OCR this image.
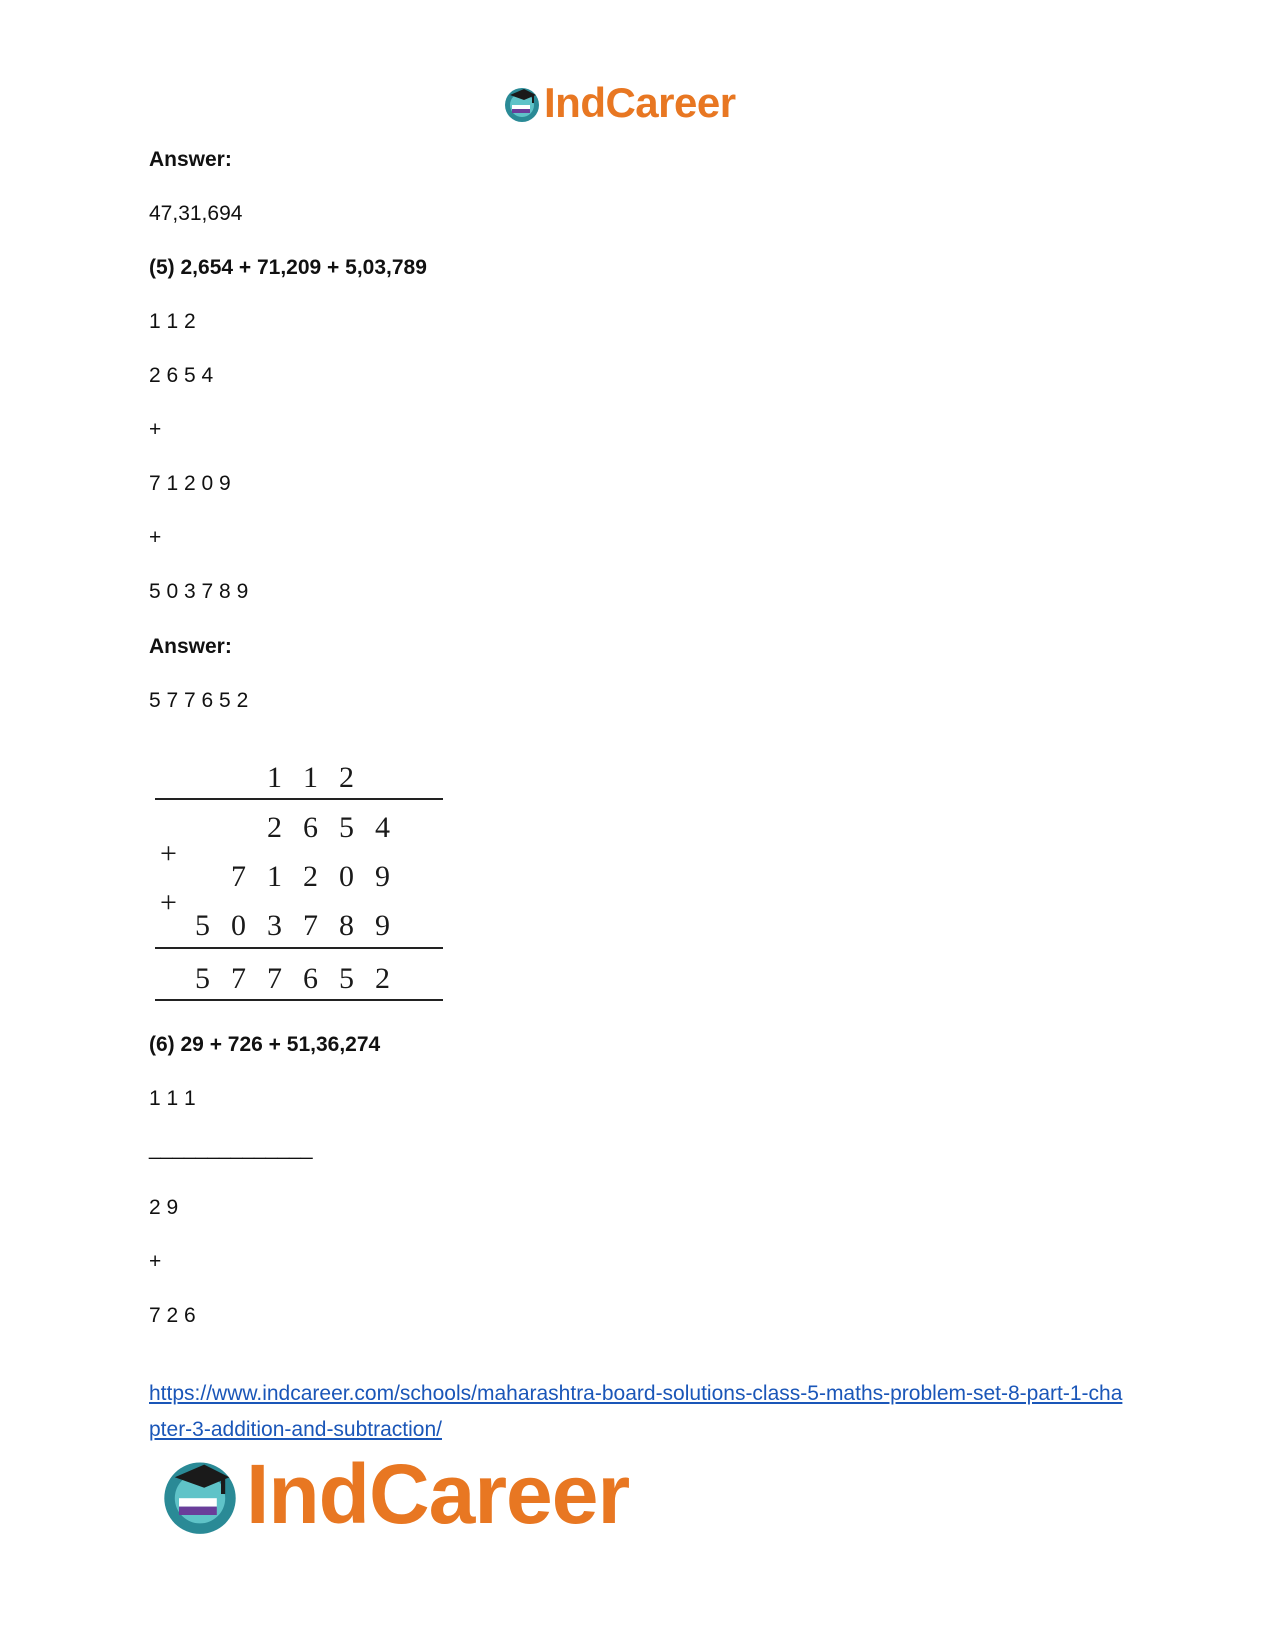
IndCareer
Answer:
47,31,694
(5) 2,654 + 71,209 + 5,03,789
1 1 2
2 6 5 4
+
7 1 2 0 9
+
5 0 3 7 8 9
Answer:
5 7 7 6 5 2
1 1 2
2 6 5 4
+
7 1 2 0 9
+
5 0 3 7 8 9
5 7 7 6 5 2
(6) 29 + 726 + 51,36,274
1 1 1
______________
2 9
+
7 2 6
https://www.indcareer.com/schools/maharashtra-board-solutions-class-5-maths-problem-set-8-part-1-chapter-3-addition-and-subtraction/
IndCareer
